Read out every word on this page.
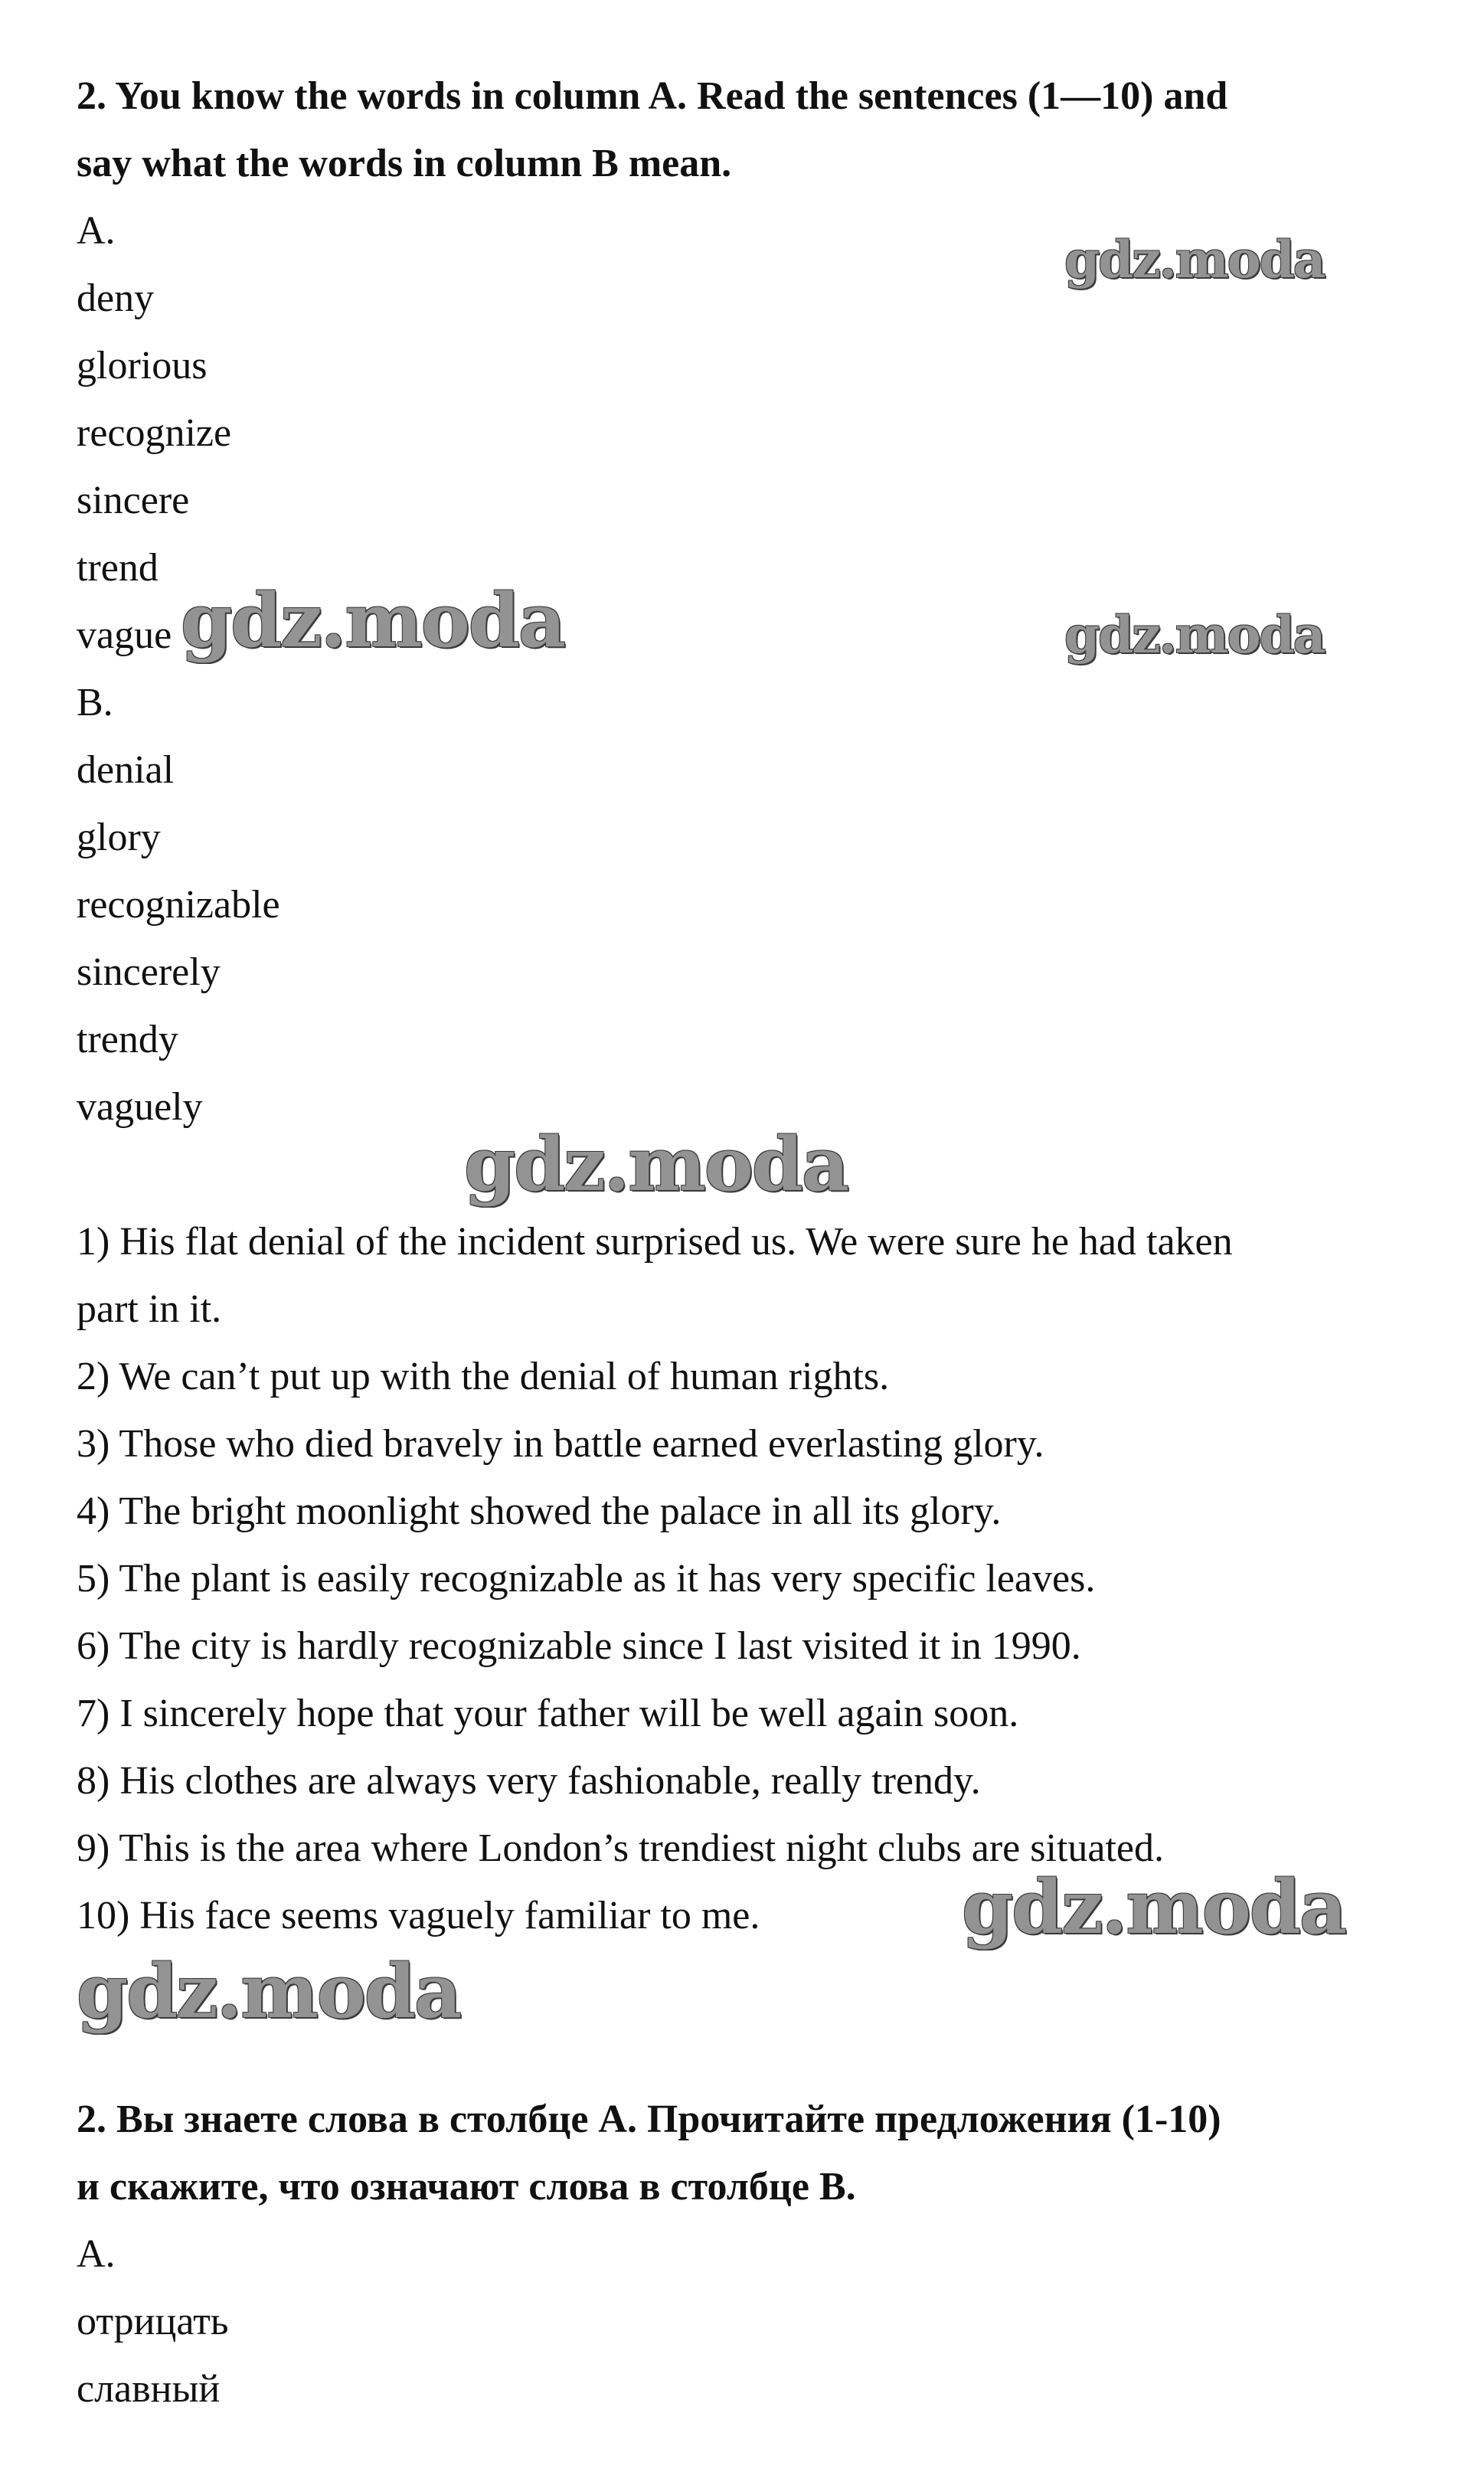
2. You know the words in column A. Read the sentences (1—10) and
say what the words in column B mean.
A.
deny
glorious
recognize
sincere
trend
vague
B.
denial
glory
recognizable
sincerely
trendy
vaguely
1) His flat denial of the incident surprised us. We were sure he had taken
part in it.
2) We can’t put up with the denial of human rights.
3) Those who died bravely in battle earned everlasting glory.
4) The bright moonlight showed the palace in all its glory.
5) The plant is easily recognizable as it has very specific leaves.
6) The city is hardly recognizable since I last visited it in 1990.
7) I sincerely hope that your father will be well again soon.
8) His clothes are always very fashionable, really trendy.
9) This is the area where London’s trendiest night clubs are situated.
10) His face seems vaguely familiar to me.
2. Вы знаете слова в столбце А. Прочитайте предложения (1-10)
и скажите, что означают слова в столбце В.
А.
отрицать
славный
gdz.moda
gdz.moda	gdz.moda
gdz.moda
gdz.moda
gdz.moda
